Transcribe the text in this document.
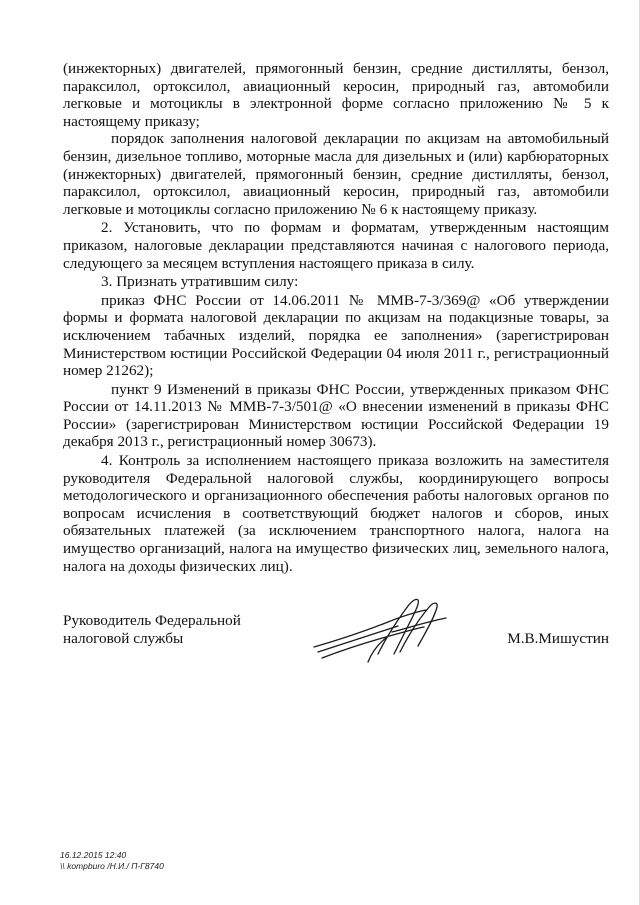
(инжекторных) двигателей, прямогонный бензин, средние дистилляты, бензол, параксилол, ортоксилол, авиационный керосин, природный газ, автомобили легковые и мотоциклы в электронной форме согласно приложению № 5 к настоящему приказу;

порядок заполнения налоговой декларации по акцизам на автомобильный бензин, дизельное топливо, моторные масла для дизельных и (или) карбюраторных (инжекторных) двигателей, прямогонный бензин, средние дистилляты, бензол, параксилол, ортоксилол, авиационный керосин, природный газ, автомобили легковые и мотоциклы согласно приложению № 6 к настоящему приказу.

2. Установить, что по формам и форматам, утвержденным настоящим приказом, налоговые декларации представляются начиная с налогового периода, следующего за месяцем вступления настоящего приказа в силу.

3. Признать утратившим силу:

приказ ФНС России от 14.06.2011 № ММВ-7-3/369@ «Об утверждении формы и формата налоговой декларации по акцизам на подакцизные товары, за исключением табачных изделий, порядка ее заполнения» (зарегистрирован Министерством юстиции Российской Федерации 04 июля 2011 г., регистрационный номер 21262);

пункт 9 Изменений в приказы ФНС России, утвержденных приказом ФНС России от 14.11.2013 № ММВ-7-3/501@ «О внесении изменений в приказы ФНС России» (зарегистрирован Министерством юстиции Российской Федерации 19 декабря 2013 г., регистрационный номер 30673).

4. Контроль за исполнением настоящего приказа возложить на заместителя руководителя Федеральной налоговой службы, координирующего вопросы методологического и организационного обеспечения работы налоговых органов по вопросам исчисления в соответствующий бюджет налогов и сборов, иных обязательных платежей (за исключением транспортного налога, налога на имущество организаций, налога на имущество физических лиц, земельного налога, налога на доходы физических лиц).

Руководитель Федеральной
налоговой службы	М.В.Мишустин
16.12.2015 12:40
\\ kompburo /Н.И./ П-Г8740
